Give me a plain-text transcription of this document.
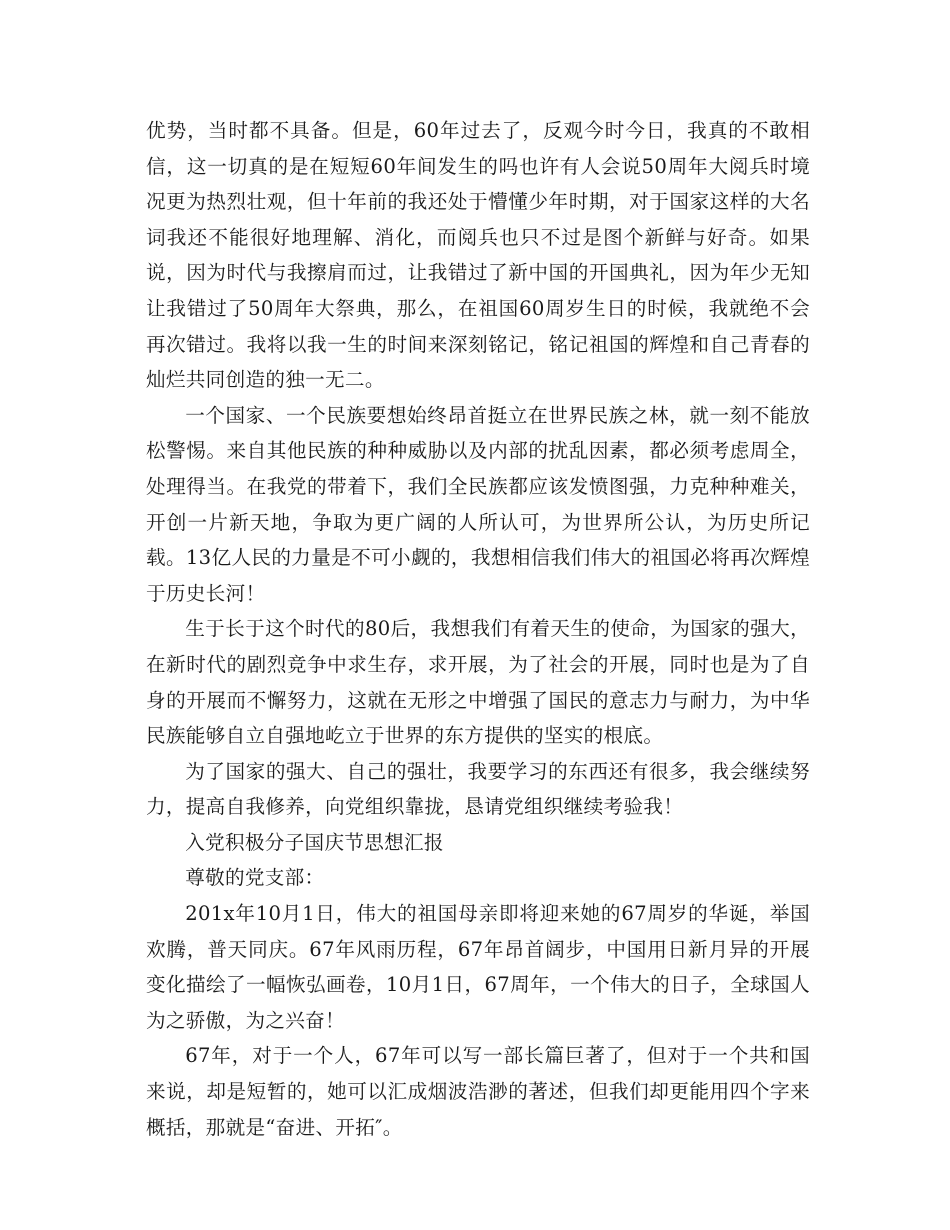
优势，当时都不具备。但是，60年过去了，反观今时今日，我真的不敢相信，这一切真的是在短短60年间发生的吗也许有人会说50周年大阅兵时境况更为热烈壮观，但十年前的我还处于懵懂少年时期，对于国家这样的大名词我还不能很好地理解、消化，而阅兵也只不过是图个新鲜与好奇。如果说，因为时代与我擦肩而过，让我错过了新中国的开国典礼，因为年少无知让我错过了50周年大祭典，那么，在祖国60周岁生日的时候，我就绝不会再次错过。我将以我一生的时间来深刻铭记，铭记祖国的辉煌和自己青春的灿烂共同创造的独一无二。

一个国家、一个民族要想始终昂首挺立在世界民族之林，就一刻不能放松警惕。来自其他民族的种种威胁以及内部的扰乱因素，都必须考虑周全，处理得当。在我党的带着下，我们全民族都应该发愤图强，力克种种难关，开创一片新天地，争取为更广阔的人所认可，为世界所公认，为历史所记载。13亿人民的力量是不可小觑的，我想相信我们伟大的祖国必将再次辉煌于历史长河！

生于长于这个时代的80后，我想我们有着天生的使命，为国家的强大，在新时代的剧烈竞争中求生存，求开展，为了社会的开展，同时也是为了自身的开展而不懈努力，这就在无形之中增强了国民的意志力与耐力，为中华民族能够自立自强地屹立于世界的东方提供的坚实的根底。

为了国家的强大、自己的强壮，我要学习的东西还有很多，我会继续努力，提高自我修养，向党组织靠拢，恳请党组织继续考验我！

入党积极分子国庆节思想汇报

尊敬的党支部：

201x年10月1日，伟大的祖国母亲即将迎来她的67周岁的华诞，举国欢腾，普天同庆。67年风雨历程，67年昂首阔步，中国用日新月异的开展变化描绘了一幅恢弘画卷，10月1日，67周年，一个伟大的日子，全球国人为之骄傲，为之兴奋！

67年，对于一个人，67年可以写一部长篇巨著了，但对于一个共和国来说，却是短暂的，她可以汇成烟波浩渺的著述，但我们却更能用四个字来概括，那就是“奋进、开拓″。
